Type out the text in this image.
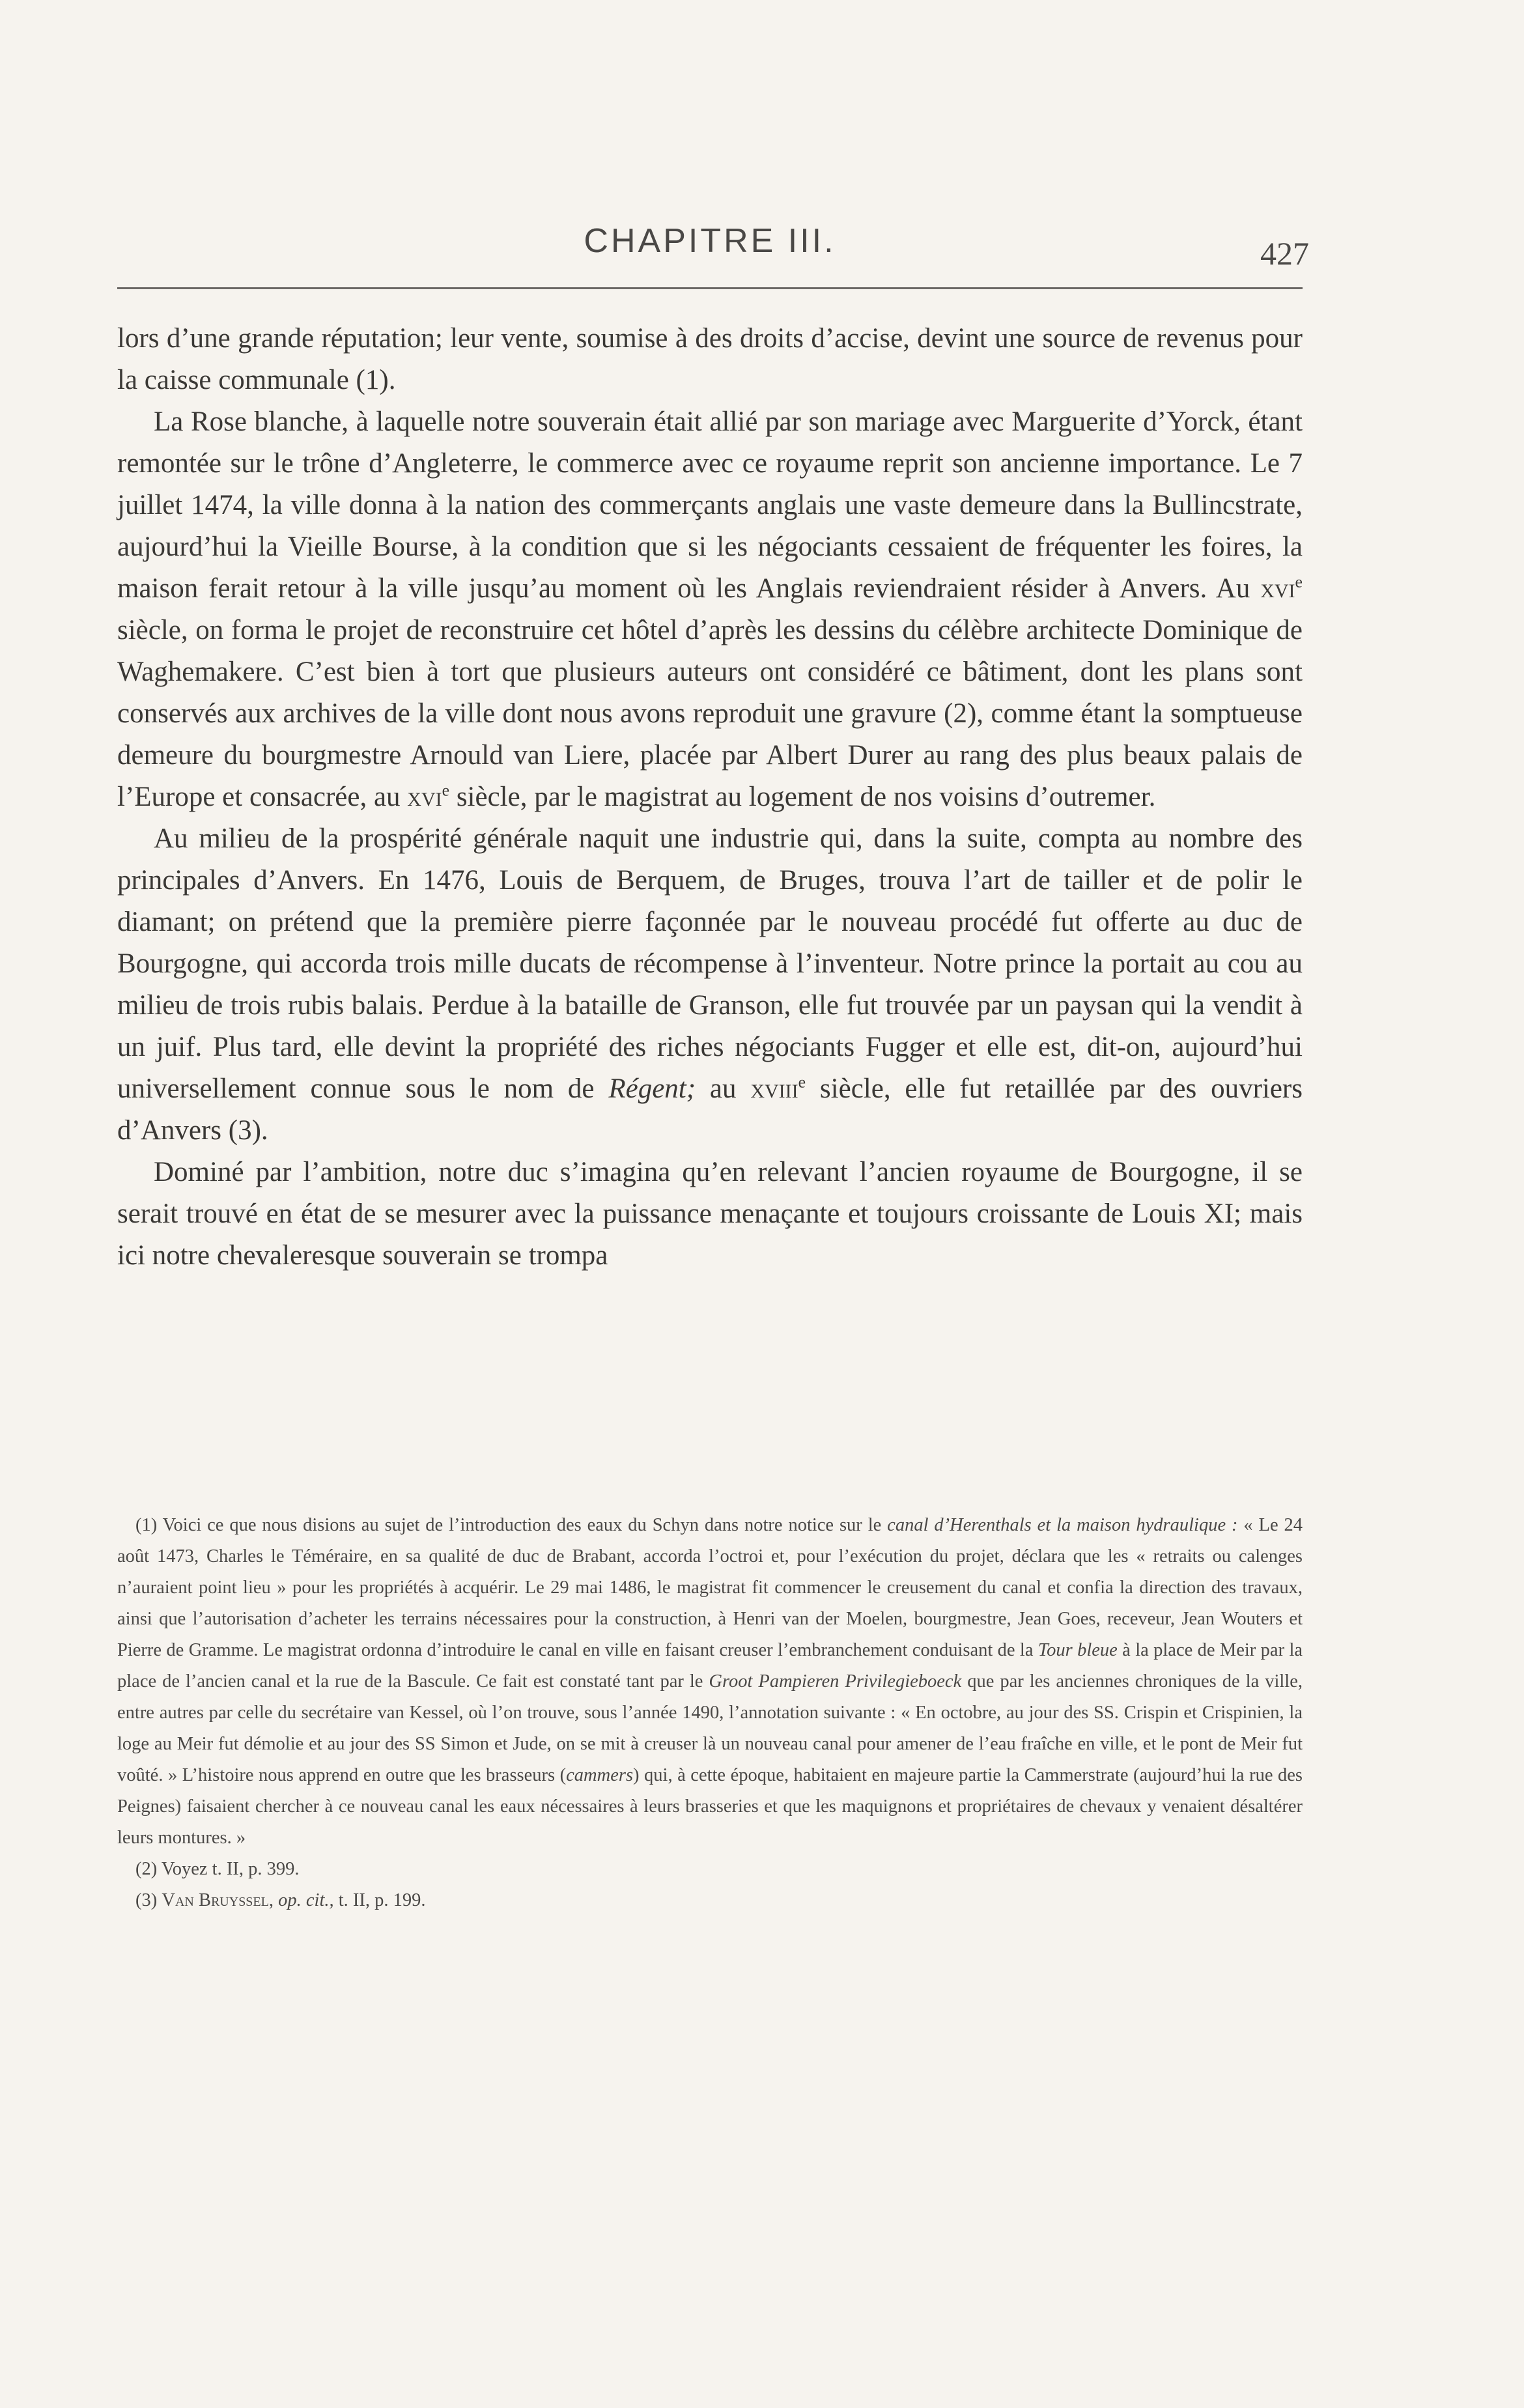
CHAPITRE III.	427

lors d’une grande réputation; leur vente, soumise à des droits d’accise, devint une source de revenus pour la caisse communale (1).

La Rose blanche, à laquelle notre souverain était allié par son mariage avec Marguerite d’Yorck, étant remontée sur le trône d’Angleterre, le commerce avec ce royaume reprit son ancienne importance. Le 7 juillet 1474, la ville donna à la nation des commerçants anglais une vaste demeure dans la Bullincstrate, aujourd’hui la Vieille Bourse, à la condition que si les négociants cessaient de fréquenter les foires, la maison ferait retour à la ville jusqu’au moment où les Anglais reviendraient résider à Anvers. Au xvi$^e$ siècle, on forma le projet de reconstruire cet hôtel d’après les dessins du célèbre architecte Dominique de Waghemakere. C’est bien à tort que plusieurs auteurs ont considéré ce bâtiment, dont les plans sont conservés aux archives de la ville dont nous avons reproduit une gravure (2), comme étant la somptueuse demeure du bourgmestre Arnould van Liere, placée par Albert Durer au rang des plus beaux palais de l’Europe et consacrée, au xvi$^e$ siècle, par le magistrat au logement de nos voisins d’outremer.

Au milieu de la prospérité générale naquit une industrie qui, dans la suite, compta au nombre des principales d’Anvers. En 1476, Louis de Berquem, de Bruges, trouva l’art de tailler et de polir le diamant; on prétend que la première pierre façonnée par le nouveau procédé fut offerte au duc de Bourgogne, qui accorda trois mille ducats de récompense à l’inventeur. Notre prince la portait au cou au milieu de trois rubis balais. Perdue à la bataille de Granson, elle fut trouvée par un paysan qui la vendit à un juif. Plus tard, elle devint la propriété des riches négociants Fugger et elle est, dit-on, aujourd’hui universellement connue sous le nom de Régent; au xviii$^e$ siècle, elle fut retaillée par des ouvriers d’Anvers (3).

Dominé par l’ambition, notre duc s’imagina qu’en relevant l’ancien royaume de Bourgogne, il se serait trouvé en état de se mesurer avec la puissance menaçante et toujours croissante de Louis XI; mais ici notre chevaleresque souverain se trompa

(1) Voici ce que nous disions au sujet de l’introduction des eaux du Schyn dans notre notice sur le canal d’Herenthals et la maison hydraulique : « Le 24 août 1473, Charles le Téméraire, en sa qualité de duc de Brabant, accorda l’octroi et, pour l’exécution du projet, déclara que les « retraits ou calenges n’auraient point lieu » pour les propriétés à acquérir. Le 29 mai 1486, le magistrat fit commencer le creusement du canal et confia la direction des travaux, ainsi que l’autorisation d’acheter les terrains nécessaires pour la construction, à Henri van der Moelen, bourgmestre, Jean Goes, receveur, Jean Wouters et Pierre de Gramme. Le magistrat ordonna d’introduire le canal en ville en faisant creuser l’embranchement conduisant de la Tour bleue à la place de Meir par la place de l’ancien canal et la rue de la Bascule. Ce fait est constaté tant par le Groot Pampieren Privilegieboeck que par les anciennes chroniques de la ville, entre autres par celle du secrétaire van Kessel, où l’on trouve, sous l’année 1490, l’annotation suivante : « En octobre, au jour des SS. Crispin et Crispinien, la loge au Meir fut démolie et au jour des SS Simon et Jude, on se mit à creuser là un nouveau canal pour amener de l’eau fraîche en ville, et le pont de Meir fut voûté. » L’histoire nous apprend en outre que les brasseurs (cammers) qui, à cette époque, habitaient en majeure partie la Cammerstrate (aujourd’hui la rue des Peignes) faisaient chercher à ce nouveau canal les eaux nécessaires à leurs brasseries et que les maquignons et propriétaires de chevaux y venaient désaltérer leurs montures. »

(2) Voyez t. II, p. 399.

(3) Van Bruyssel, op. cit., t. II, p. 199.
